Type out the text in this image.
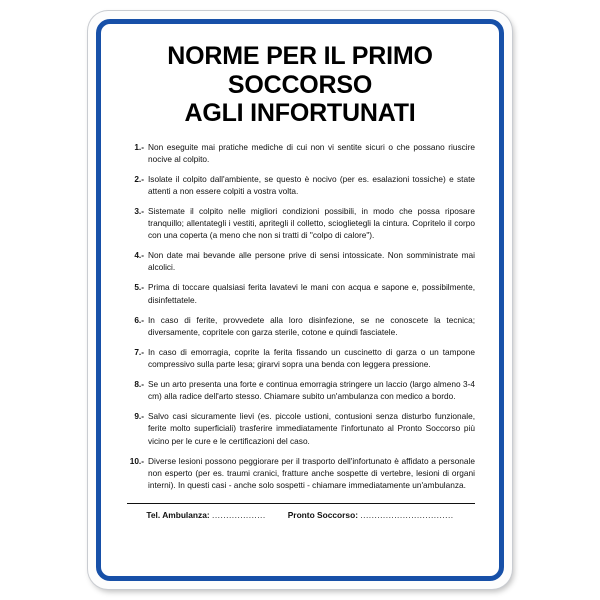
NORME PER IL PRIMO SOCCORSO
AGLI INFORTUNATI
1.- Non eseguite mai pratiche mediche di cui non vi sentite sicuri o che possano riuscire nocive al colpito.
2.- Isolate il colpito dall'ambiente, se questo è nocivo (per es. esalazioni tossiche) e state attenti a non essere colpiti a vostra volta.
3.- Sistemate il colpito nelle migliori condizioni possibili, in modo che possa riposare tranquillo; allentategli i vestiti, apritegli il colletto, scioglietegli la cintura. Copritelo il corpo con una coperta (a meno che non si tratti di "colpo di calore").
4.- Non date mai bevande alle persone prive di sensi intossicate. Non somministrate mai alcolici.
5.- Prima di toccare qualsiasi ferita lavatevi le mani con acqua e sapone e, possibilmente, disinfettatele.
6.- In caso di ferite, provvedete alla loro disinfezione, se ne conoscete la tecnica; diversamente, copritele con garza sterile, cotone e quindi fasciatele.
7.- In caso di emorragia, coprite la ferita fissando un cuscinetto di garza o un tampone compressivo sulla parte lesa; girarvi sopra una benda con leggera pressione.
8.- Se un arto presenta una forte e continua emorragia stringere un laccio (largo almeno 3-4 cm) alla radice dell'arto stesso. Chiamare subito un'ambulanza con medico a bordo.
9.- Salvo casi sicuramente lievi (es. piccole ustioni, contusioni senza disturbo funzionale, ferite molto superficiali) trasferire immediatamente l'infortunato al Pronto Soccorso più vicino per le cure e le certificazioni del caso.
10.- Diverse lesioni possono peggiorare per il trasporto dell'infortunato è affidato a personale non esperto (per es. traumi cranici, fratture anche sospette di vertebre, lesioni di organi interni). In questi casi - anche solo sospetti - chiamare immediatamente un'ambulanza.
Tel. Ambulanza: ...................	Pronto Soccorso: .................................
